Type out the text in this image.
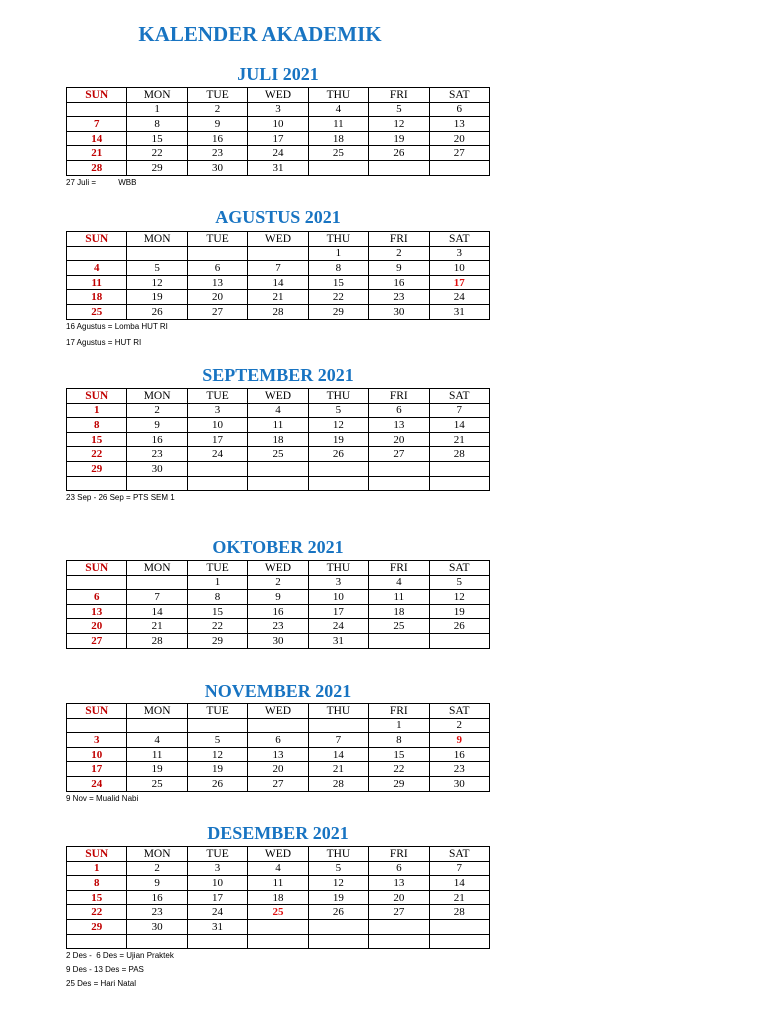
KALENDER AKADEMIK
JULI 2021
SUN	MON	TUE	WED	THU	FRI	SAT
	1	2	3	4	5	6
7	8	9	10	11	12	13
14	15	16	17	18	19	20
21	22	23	24	25	26	27
28	29	30	31			
27 Juli =          WBB
AGUSTUS 2021
SUN	MON	TUE	WED	THU	FRI	SAT
				1	2	3
4	5	6	7	8	9	10
11	12	13	14	15	16	17
18	19	20	21	22	23	24
25	26	27	28	29	30	31
16 Agustus = Lomba HUT RI
17 Agustus = HUT RI
SEPTEMBER 2021
SUN	MON	TUE	WED	THU	FRI	SAT
1	2	3	4	5	6	7
8	9	10	11	12	13	14
15	16	17	18	19	20	21
22	23	24	25	26	27	28
29	30					

23 Sep - 26 Sep = PTS SEM 1
OKTOBER 2021
SUN	MON	TUE	WED	THU	FRI	SAT
		1	2	3	4	5
6	7	8	9	10	11	12
13	14	15	16	17	18	19
20	21	22	23	24	25	26
27	28	29	30	31		
NOVEMBER 2021
SUN	MON	TUE	WED	THU	FRI	SAT
					1	2
3	4	5	6	7	8	9
10	11	12	13	14	15	16
17	19	19	20	21	22	23
24	25	26	27	28	29	30
9 Nov = Mualid Nabi
DESEMBER 2021
SUN	MON	TUE	WED	THU	FRI	SAT
1	2	3	4	5	6	7
8	9	10	11	12	13	14
15	16	17	18	19	20	21
22	23	24	25	26	27	28
29	30	31				

2 Des -  6 Des = Ujian Praktek
9 Des - 13 Des = PAS
25 Des = Hari Natal
